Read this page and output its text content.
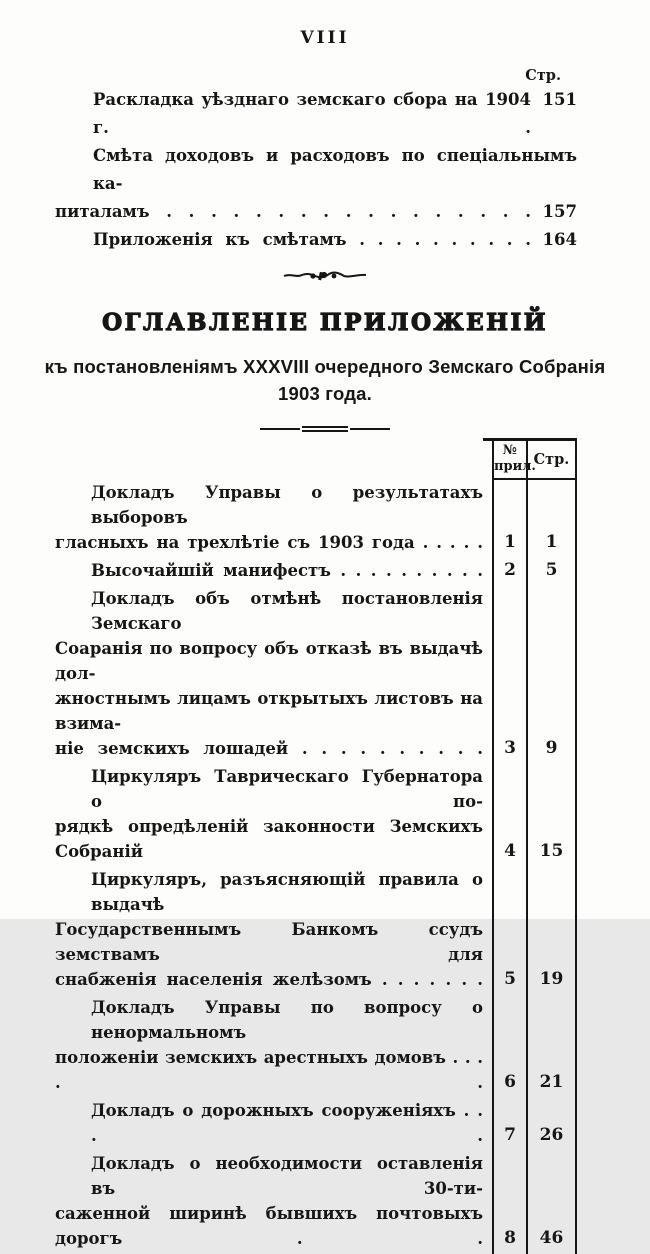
VIII
Стр.
Раскладка уѣзднаго земскаго сбора на 1904 г. .
151
Смѣта доходовъ и расходовъ по спеціальнымъ ка-
питаламъ . . . . . . . . . . . . . . . . . 157
Приложенія къ смѣтамъ . . . . . . . . . . 164
ОГЛАВЛЕНІЕ ПРИЛОЖЕНІЙ
къ постановленіямъ XXXVIII очередного Земскаго Собранія
1903 года.
№
прил.
Стр.
Докладъ Управы о результатахъ выборовъ
гласныхъ на трехлѣтіе съ 1903 года . . . . .	1	1
Высочайшій манифестъ . . . . . . . . . .	2	5
Докладъ объ отмѣнѣ постановленія Земскаго
Соаранія по вопросу объ отказѣ въ выдачѣ дол-
жностнымъ лицамъ открытыхъ листовъ на взима-
ніе земскихъ лошадей . . . . . . . . . .	3	9
Циркуляръ Таврическаго Губернатора о по-
рядкѣ опредѣленій законности Земскихъ Собраній	4	15
Циркуляръ, разъясняющій правила о выдачѣ
Государственнымъ Банкомъ ссудъ земствамъ для
снабженія населенія желѣзомъ . . . . . . .	5	19
Докладъ Управы по вопросу о ненормальномъ
положеніи земскихъ арестныхъ домовъ . . . . .	6	21
Докладъ о дорожныхъ сооруженіяхъ . . . .	7	26
Докладъ о необходимости оставленія въ 30-ти-
саженной ширинѣ бывшихъ почтовыхъ дорогъ . .	8	46
